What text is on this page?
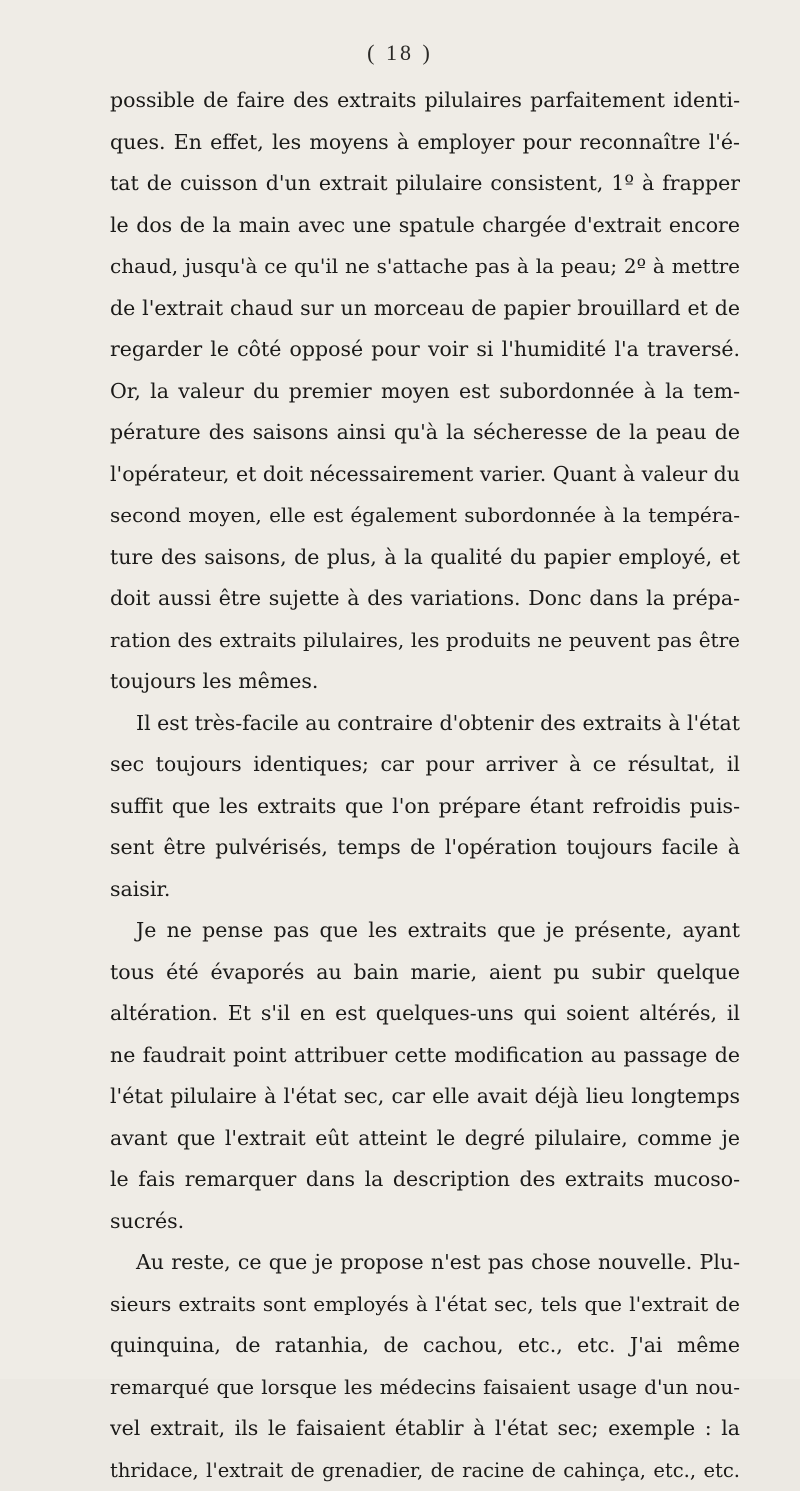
( 18 )
possible de faire des extraits pilulaires parfaitement identi-
ques. En effet, les moyens à employer pour reconnaître l'é-
tat de cuisson d'un extrait pilulaire consistent, 1º à frapper
le dos de la main avec une spatule chargée d'extrait encore
chaud, jusqu'à ce qu'il ne s'attache pas à la peau; 2º à mettre
de l'extrait chaud sur un morceau de papier brouillard et de
regarder le côté opposé pour voir si l'humidité l'a traversé.
Or, la valeur du premier moyen est subordonnée à la tem-
pérature des saisons ainsi qu'à la sécheresse de la peau de
l'opérateur, et doit nécessairement varier. Quant à valeur du
second moyen, elle est également subordonnée à la tempéra-
ture des saisons, de plus, à la qualité du papier employé, et
doit aussi être sujette à des variations. Donc dans la prépa-
ration des extraits pilulaires, les produits ne peuvent pas être
toujours les mêmes.
Il est très-facile au contraire d'obtenir des extraits à l'état
sec toujours identiques; car pour arriver à ce résultat, il
suffit que les extraits que l'on prépare étant refroidis puis-
sent être pulvérisés, temps de l'opération toujours facile à
saisir.
Je ne pense pas que les extraits que je présente, ayant
tous été évaporés au bain marie, aient pu subir quelque
altération. Et s'il en est quelques-uns qui soient altérés, il
ne faudrait point attribuer cette modification au passage de
l'état pilulaire à l'état sec, car elle avait déjà lieu longtemps
avant que l'extrait eût atteint le degré pilulaire, comme je
le fais remarquer dans la description des extraits mucoso-
sucrés.
Au reste, ce que je propose n'est pas chose nouvelle. Plu-
sieurs extraits sont employés à l'état sec, tels que l'extrait de
quinquina, de ratanhia, de cachou, etc., etc. J'ai même
remarqué que lorsque les médecins faisaient usage d'un nou-
vel extrait, ils le faisaient établir à l'état sec; exemple : la
thridace, l'extrait de grenadier, de racine de cahinça, etc., etc.
